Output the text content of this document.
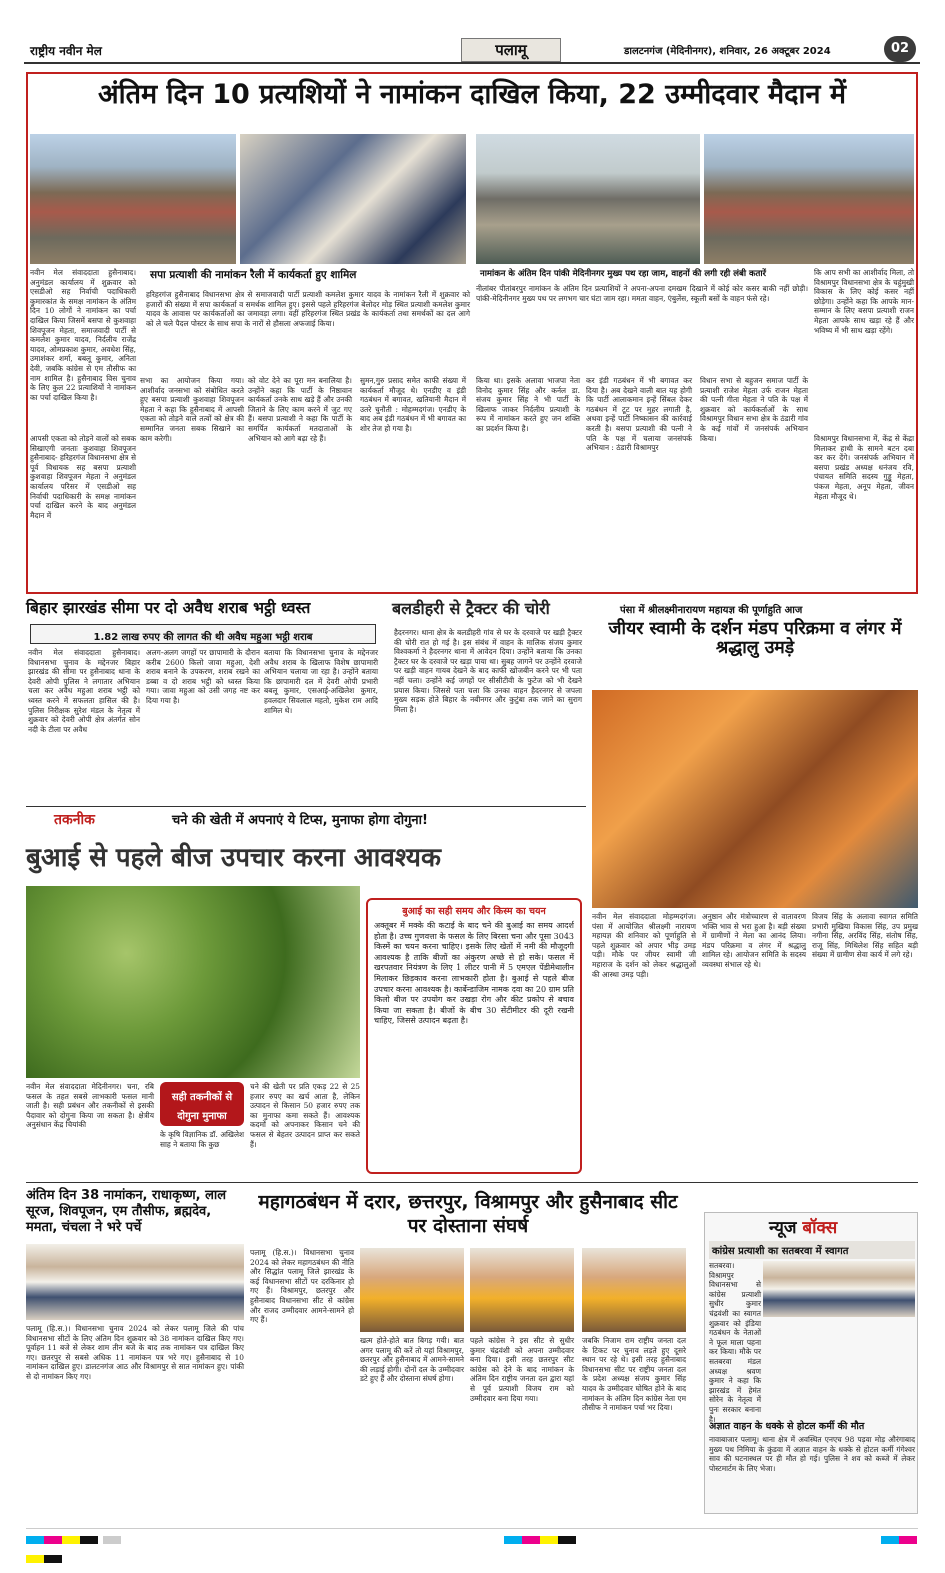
राष्ट्रीय नवीन मेल	पलामू	डालटनगंज (मेदिनीनगर), शनिवार, 26 अक्टूबर 2024	02
अंतिम दिन 10 प्रत्यशियों ने नामांकन दाखिल किया, 22 उम्मीदवार मैदान में
सपा प्रत्याशी की नामांकन रैली में कार्यकर्ता हुए शामिल	नामांकन के अंतिम दिन पांकी मेदिनीनगर मुख्य पथ रहा जाम, वाहनों की लगी रही लंबी कतारें
नवीन मेल संवाददाता हुसैनाबाद। अनुमंडल कार्यालय में शुक्रवार को एसडीओ सह निर्वाची पदाधिकारी कुमारकांत के समक्ष नामांकन के अंतिम दिन 10 लोगों ने नामांकन का पर्चा दाखिल किया जिसमें बसपा से कुशवाहा शिवपूजन मेहता, समाजवादी पार्टी से कमलेश कुमार यादव, निर्दलीय राजेंद्र यादव, ओमप्रकाश कुमार, अवधेश सिंह, उमाशंकर शर्मा, बबलू कुमार, अनिता देवी, जबकि कांग्रेस से एम तौसीफ का नाम शामिल है। हुसैनाबाद विस चुनाव के लिए कुल 22 प्रत्याशियों ने नामांकन का पर्चा दाखिल किया है।
आपसी एकता को तोड़ने वालों को सबक सिखाएगी जनताः कुशवाहा शिवपूजन हुसैनाबाद- हरिहरगंज विधानसभा क्षेत्र से पूर्व विधायक सह बसपा प्रत्याशी कुशवाहा शिवपूजन मेहता ने अनुमंडल कार्यालय परिसर में एसडीओ सह निर्वाची पदाधिकारी के समक्ष नामांकन पर्चा दाखिल करने के बाद अनुमंडल मैदान में
हरिहरगंज हुसैनाबाद विधानसभा क्षेत्र से समाजवादी पार्टी प्रत्याशी कमलेश कुमार यादव के नामांकन रैली में शुक्रवार को हजारों की संख्या में सपा कार्यकर्ता व समर्थक शामिल हुए। इससे पहले हरिहरगंज बेलोदर मोड़ स्थित प्रत्याशी कमलेश कुमार यादव के आवास पर कार्यकर्ताओं का जमावड़ा लगा। वहीं हरिहरगंज स्थित प्रखंड के कार्यकर्ता तथा समर्थकों का दल आगे को ले चले पैदल पोस्टर के साथ सपा के नारों से हौसला अफजाई किया।
नीलांबर पीतांबरपुर नामांकन के अंतिम दिन प्रत्याशियों ने अपना-अपना दमखम दिखाने में कोई कोर कसर बाकी नहीं छोड़ी। पांकी-मेदिनीनगर मुख्य पथ पर लगभग चार घंटा जाम रहा। ममता वाहन, एंबुलेंस, स्कूली बसों के वाहन फंसे रहे।
कि आप सभी का आशीर्वाद मिला, तो विश्रामपुर विधानसभा क्षेत्र के चहुंमुखी विकास के लिए कोई कसर नहीं छोड़ेगा। उन्होंने कहा कि आपके मान-सम्मान के लिए बसपा प्रत्याशी राजन मेहता आपके साथ खड़ा रहे हैं और भविष्य में भी साथ खड़ा रहेंगे।
विश्रामपुर विधानसभा में, केंद्र से केंद्रा मिलाकर हाथी के सामने बटन दबा कर कर देंगे। जनसंपर्क अभियान में बसपा प्रखंड अध्यक्ष धनंजय रवि, पंचायत समिति सदस्य गुड्डू मेहता, पंकज मेहता, अनूप मेहता, जीवन मेहता मौजूद थे।
सभा का आयोजन किया गया। आशीर्वाद जनसभा को संबोधित करते हुए बसपा प्रत्याशी कुशवाहा शिवपूजन मेहता ने कहा कि हुसैनाबाद में आपसी एकता को तोड़ने वाले तत्वों को क्षेत्र की सम्मानित जनता सबक सिखाने का काम करेगी।
को वोट देने का पूरा मन बनालिया है। उन्होंने कहा कि पार्टी के निष्ठावान कार्यकर्ता उनके साथ खड़े हैं और उनकी जिताने के लिए काम करने में जुट गए हैं। बसपा प्रत्याशी ने कहा कि पार्टी के समर्पित कार्यकर्ता मतदाताओं के अभियान को आगे बढ़ा रहे हैं।
सुमन,गुरु प्रसाद समेत काफी संख्या में कार्यकर्ता मौजूद थे। एनडीए व इंडी गठबंधन में बगावत, खतियानी मैदान में उतरे चुनौती : मोहम्मदगंज। एनडीए के बाद अब इंडी गठबंधन में भी बगावत का शोर तेज हो गया है।
किया था। इसके अलावा भाजपा नेता विनोद कुमार सिंह और कर्नल डा. संजय कुमार सिंह ने भी पार्टी के खिलाफ जाकर निर्दलीय प्रत्याशी के रूप में नामांकन करते हुए जन शक्ति का प्रदर्शन किया है।
कर इंडी गठबंधन में भी बगावत कर दिया है। अब देखने वाली बात यह होगी कि पार्टी आलाकमान इन्हें सिंबल देकर गठबंधन में टूट पर मुहर लगाती है, अथवा इन्हें पार्टी निष्कासन की कार्रवाई करती है। बसपा प्रत्याशी की पत्नी ने पति के पक्ष में चलाया जनसंपर्क अभियान : ठंडारी विश्रामपुर
विधान सभा से बहुजन समाज पार्टी के प्रत्याशी राजेश मेहता उर्फ राजन मेहता की पत्नी गीता मेहता ने पति के पक्ष में शुक्रवार को कार्यकर्ताओं के साथ विश्रामपुर विधान सभा क्षेत्र के ठंडारी गांव के कई गांवों में जनसंपर्क अभियान किया।
बिहार झारखंड सीमा पर दो अवैध शराब भट्ठी ध्वस्त
1.82 लाख रुपए की लागत की थी अवैध महुआ भट्ठी शराब
नवीन मेल संवाददाता हुसैनाबाद। विधानसभा चुनाव के मद्देनजर बिहार झारखंड की सीमा पर हुसैनाबाद थाना के देवरी ओपी पुलिस ने लगातार अभियान चला कर अवैध महुआ शराब भट्ठी को ध्वस्त करने में सफलता हासिल की है। पुलिस निरीक्षक सुरेश मंडल के नेतृत्व में शुक्रवार को देवरी ओपी क्षेत्र अंतर्गत सोन नदी के टीला पर अवैध
अलग-अलग जगहों पर छापामारी के दौरान करीब 2600 किलो जावा महुआ, देशी शराब बनाने के उपकरण, शराब रखने का डब्बा व दो शराब भट्ठी को ध्वस्त किया गया। जावा महुआ को उसी जगह नष्ट कर दिया गया है।
बताया कि विधानसभा चुनाव के मद्देनजर अवैध शराब के खिलाफ विशेष छापामारी अभियान चलाया जा रहा है। उन्होंने बताया कि छापामारी दल में देवरी ओपी प्रभारी बबलू कुमार, एसआई-अखिलेश कुमार, हवलदार सिवलाल महतो, मुकेश राम आदि शामिल थे।
बलडीहरी से ट्रैक्टर की चोरी
हैदरनगर। थाना क्षेत्र के बलडीहरी गांव से घर के दरवाजे पर खड़ी ट्रैक्टर की चोरी रात हो गई है। इस संबंध में वाहन के मालिक संजय कुमार विश्वकर्मा ने हैदरनगर थाना में आवेदन दिया। उन्होंने बताया कि उनका ट्रैक्टर घर के दरवाजे पर खड़ा पाया था। सुबह जागने पर उन्होंने दरवाजे पर खड़ी वाहन गायब देखने के बाद काफी खोजबीन करने पर भी पता नहीं चला। उन्होंने कई जगहों पर सीसीटीवी के फुटेज को भी देखने प्रयास किया। जिससे पता चला कि उनका वाहन हैदरनगर से जपला मुख्य सड़क होते बिहार के नबीनगर और कुटुंबा तक जाने का सुराग मिला है।
पंसा में श्रीलक्ष्मीनारायण महायज्ञ की पूर्णाहुति आज
जीयर स्वामी के दर्शन मंडप परिक्रमा व लंगर में श्रद्धालु उमड़े
नवीन मेल संवाददाता मोहम्मदगंज। पंसा में आयोजित श्रीलक्ष्मी नारायण महायज्ञ की शनिवार को पूर्णाहुति से पहले शुक्रवार को अपार भीड़ उमड़ पड़ी। मौके पर जीयर स्वामी जी महाराज के दर्शन को लेकर श्रद्धालुओं की आस्था उमड़ पड़ी।
अनुष्ठान और मंत्रोच्चारण से वातावरण भक्ति भाव से भरा हुआ है। बड़ी संख्या में ग्रामीणों ने मेला का आनंद लिया। मंडप परिक्रमा व लंगर में श्रद्धालु शामिल रहे। आयोजन समिति के सदस्य व्यवस्था संभाल रहे थे।
विजय सिंह के अलावा स्वागत समिति प्रभारी मुखिया विकास सिंह, उप प्रमुख नगीना सिंह, अरविंद सिंह, संतोष सिंह, राजू सिंह, मिथिलेश सिंह सहित बड़ी संख्या में ग्रामीण सेवा कार्य में लगे रहे।
तकनीक	चने की खेती में अपनाएं ये टिप्स, मुनाफा होगा दोगुना!
बुआई से पहले बीज उपचार करना आवश्यक
सही तकनीकों से दोगुना मुनाफा
बुआई का सही समय और किस्म का चयन
अक्तूबर में मक्के की कटाई के बाद चने की बुआई का समय आदर्श होता है। उच्च गुणवत्ता के फसल के लिए बिरसा चना और पूसा 3043 किस्में का चयन करना चाहिए। इसके लिए खेतों में नमी की मौजूदगी आवश्यक है ताकि बीजों का अंकुरण अच्छे से हो सके। फसल में खरपतवार नियंत्रण के लिए 1 लीटर पानी में 5 एमएल पेंडीमेथालीन मिलाकर छिड़काव करना लाभकारी होता है। बुआई से पहले बीज उपचार करना आवश्यक है। कार्बेन्डाजिम नामक दवा का 20 ग्राम प्रति किलो बीज पर उपयोग कर उखड़ा रोग और कीट प्रकोप से बचाव किया जा सकता है। बीजों के बीच 30 सेंटीमीटर की दूरी रखनी चाहिए, जिससे उत्पादन बढ़ता है।
नवीन मेल संवाददाता मेदिनीनगर। चना, रबि फसल के तहत सबसे लाभकारी फसल मानी जाती है। सही प्रबंधन और तकनीकों से इसकी पैदावार को दोगुना किया जा सकता है। क्षेत्रीय अनुसंधान केंद्र चियांकी
के कृषि विज्ञानिक डॉ. अखिलेश साह ने बताया कि कुछ
चने की खेती पर प्रति एकड़ 22 से 25 हजार रुपए का खर्च आता है, लेकिन उत्पादन से किसान 50 हजार रुपए तक का मुनाफा कमा सकते हैं। आवश्यक कदमों को अपनाकर किसान चने की फसल से बेहतर उत्पादन प्राप्त कर सकते हैं।
अंतिम दिन 38 नामांकन, राधाकृष्ण, लाल सूरज, शिवपूजन, एम तौसीफ, ब्रह्मदेव, ममता, चंचला ने भरे पर्चे
पलामू (हि.स.)। विधानसभा चुनाव 2024 को लेकर पलामू जिले की पांच विधानसभा सीटों के लिए अंतिम दिन शुक्रवार को 38 नामांकन दाखिल किए गए। पूर्वाहन 11 बजे से लेकर शाम तीन बजे के बाद तक नामांकन पत्र दाखिल किए गए। छतरपुर से सबसे अधिक 11 नामांकन पत्र भरे गए। हुसैनाबाद से 10 नामांकन दाखिल हुए। डालटनगंज आठ और विश्रामपुर से सात नामांकन हुए। पांकी से दो नामांकन किए गए।
महागठबंधन में दरार, छत्तरपुर, विश्रामपुर और हुसैनाबाद सीट पर दोस्ताना संघर्ष
पलामू (हि.स.)। विधानसभा चुनाव 2024 को लेकर महागठबंधन की नीति और सिद्धांत पलामू जिले झारखंड के कई विधानसभा सीटों पर दरकिनार हो गए हैं। विश्रामपुर, छतरपुर और हुसैनाबाद विधानसभा सीट से कांग्रेस और राजद उम्मीदवार आमने-सामने हो गए हैं।
खत्म होते-होते बात बिगड़ गयी। बात अगर पलामू की करें तो यहां विश्रामपुर, छतरपुर और हुसैनाबाद में आमने-सामने की लड़ाई होगी। दोनों दल के उम्मीदवार डटे हुए हैं और दोस्ताना संघर्ष होगा।
पहले कांग्रेस ने इस सीट से सुधीर कुमार चंद्रवंशी को अपना उम्मीदवार बना दिया। इसी तरह छतरपुर सीट कांग्रेस को देने के बाद नामांकन के अंतिम दिन राष्ट्रीय जनता दल द्वारा यहां से पूर्व प्रत्याशी विजय राम को उम्मीदवार बना दिया गया।
जबकि निजाम राम राष्ट्रीय जनता दल के टिकट पर चुनाव लड़ते हुए दूसरे स्थान पर रहे थे। इसी तरह हुसैनाबाद विधानसभा सीट पर राष्ट्रीय जनता दल के प्रदेश अध्यक्ष संजय कुमार सिंह यादव के उम्मीदवार घोषित होने के बाद नामांकन के अंतिम दिन कांग्रेस नेता एम तौसीफ ने नामांकन पर्चा भर दिया।
न्यूज बॉक्स
कांग्रेस प्रत्याशी का सतबरवा में स्वागत
सतबरवा। विश्रामपुर विधानसभा से कांग्रेस प्रत्याशी सुधीर कुमार चंद्रवंशी का स्वागत शुक्रवार को इंडिया गठबंधन के नेताओं ने फूल माला पहना कर किया। मौके पर सतबरवा मंडल अध्यक्ष श्रवण कुमार ने कहा कि झारखंड में हेमंत सोरेन के नेतृत्व में पुनः सरकार बनाना है।
अज्ञात वाहन के धक्के से होटल कर्मी की मौत
नावाबाजार पलामू। थाना क्षेत्र में अवस्थित एनएच 98 पड़वा मोड़ औरंगाबाद मुख्य पथ निमिया के कुंडवा में अज्ञात वाहन के धक्के से होटल कर्मी गंगेश्वर साव की घटनास्थल पर ही मौत हो गई। पुलिस ने शव को कब्जे में लेकर पोस्टमार्टम के लिए भेजा।
